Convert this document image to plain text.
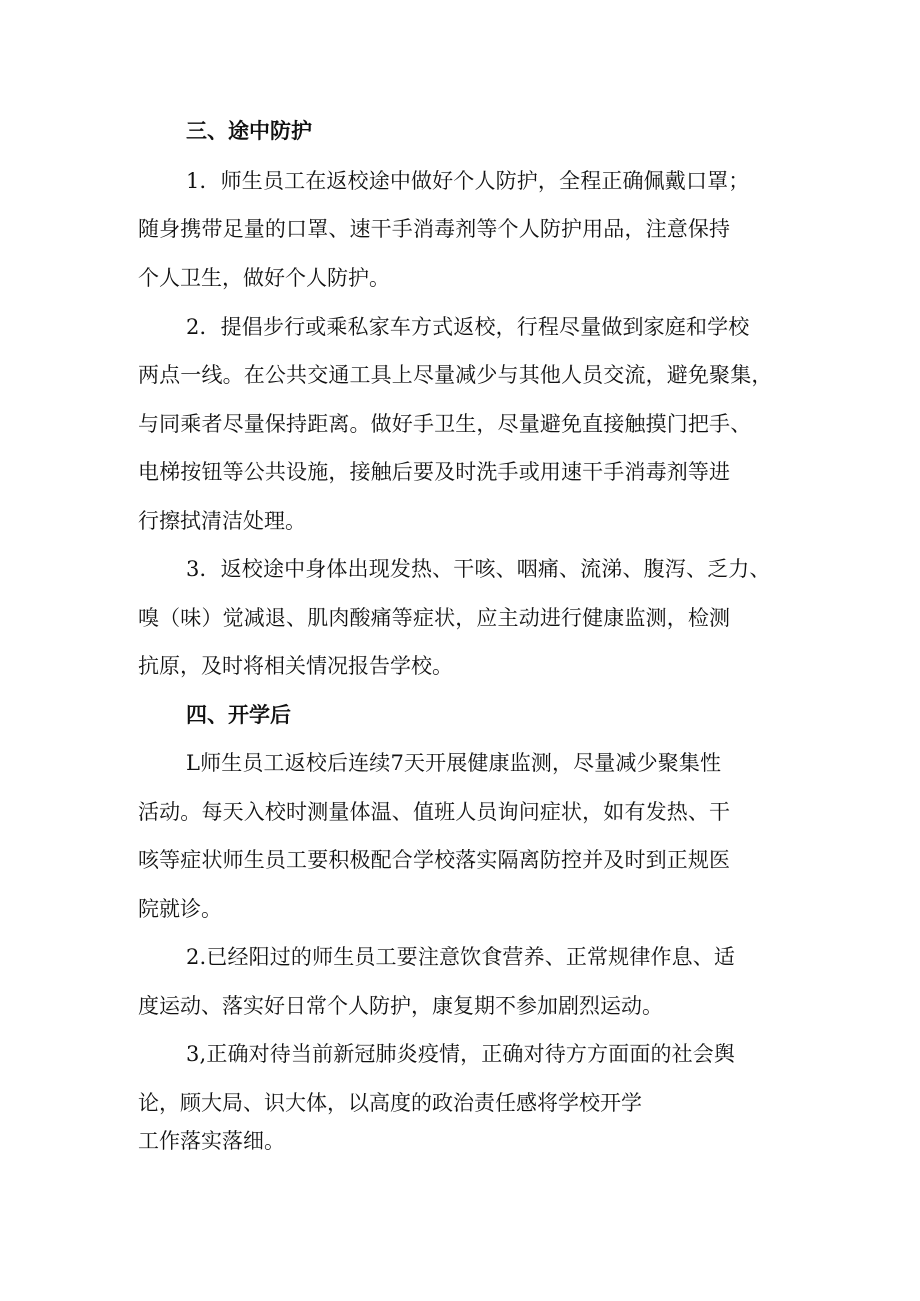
三、途中防护
1．师生员工在返校途中做好个人防护，全程正确佩戴口罩；
随身携带足量的口罩、速干手消毒剂等个人防护用品，注意保持
个人卫生，做好个人防护。
2．提倡步行或乘私家车方式返校，行程尽量做到家庭和学校
两点一线。在公共交通工具上尽量减少与其他人员交流，避免聚集，
与同乘者尽量保持距离。做好手卫生，尽量避免直接触摸门把手、
电梯按钮等公共设施，接触后要及时洗手或用速干手消毒剂等进
行擦拭清洁处理。
3．返校途中身体出现发热、干咳、咽痛、流涕、腹泻、乏力、
嗅（味）觉减退、肌肉酸痛等症状，应主动进行健康监测，检测
抗原，及时将相关情况报告学校。
四、开学后
L师生员工返校后连续7天开展健康监测，尽量减少聚集性
活动。每天入校时测量体温、值班人员询问症状，如有发热、干
咳等症状师生员工要积极配合学校落实隔离防控并及时到正规医
院就诊。
2.已经阳过的师生员工要注意饮食营养、正常规律作息、适
度运动、落实好日常个人防护，康复期不参加剧烈运动。
3,正确对待当前新冠肺炎疫情，正确对待方方面面的社会舆
论，顾大局、识大体，以高度的政治责任感将学校开学
工作落实落细。
